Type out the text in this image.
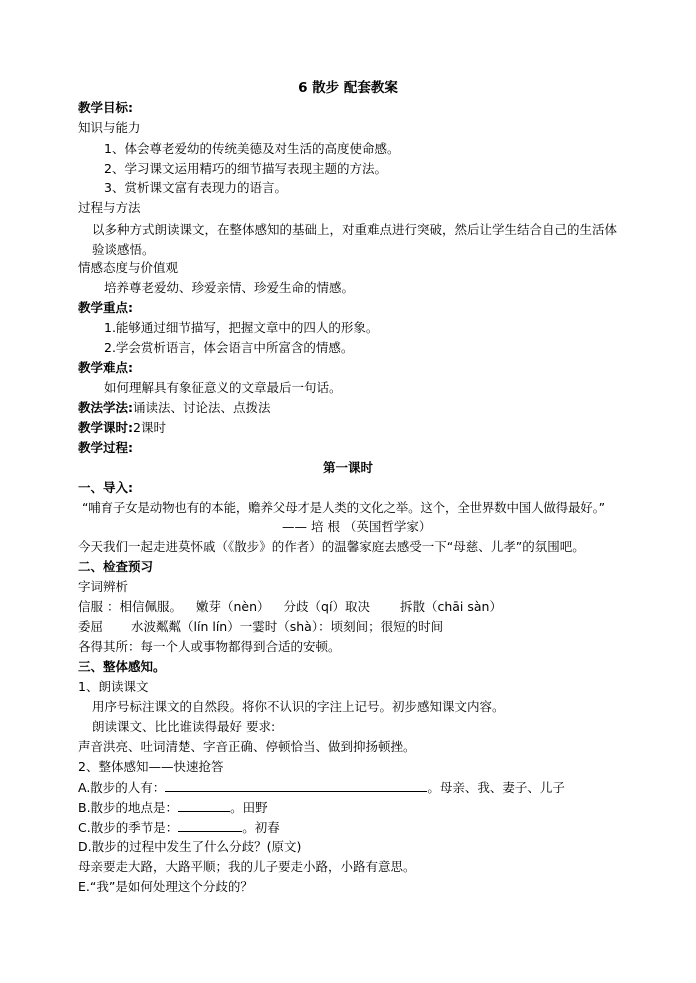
6 散步 配套教案
教学目标:
知识与能力
1、体会尊老爱幼的传统美德及对生活的高度使命感。
2、学习课文运用精巧的细节描写表现主题的方法。
3、赏析课文富有表现力的语言。
过程与方法
以多种方式朗读课文，在整体感知的基础上，对重难点进行突破，然后让学生结合自己的生活体验谈感悟。
情感态度与价值观
培养尊老爱幼、珍爱亲情、珍爱生命的情感。
教学重点:
1.能够通过细节描写，把握文章中的四人的形象。
2.学会赏析语言，体会语言中所富含的情感。
教学难点:
如何理解具有象征意义的文章最后一句话。
教法学法:诵读法、讨论法、点拨法
教学课时:2课时
教学过程:
第一课时
一、导入:
“哺育子女是动物也有的本能，赡养父母才是人类的文化之举。这个，全世界数中国人做得最好。”
—— 培 根 （英国哲学家）
今天我们一起走进莫怀戚（《散步》的作者）的温馨家庭去感受一下“母慈、儿孝”的氛围吧。
二、检查预习
字词辨析
信服 ：相信佩服。 嫩芽（nèn） 分歧（qí）取决 拆散（chāi sàn）
委屈 水波粼粼（lín lín）一霎时（shà）：顷刻间；很短的时间
各得其所：每一个人或事物都得到合适的安顿。
三、整体感知。
1、朗读课文
用序号标注课文的自然段。将你不认识的字注上记号。初步感知课文内容。
朗读课文、比比谁读得最好 要求:
声音洪亮、吐词清楚、字音正确、停顿恰当、做到抑扬顿挫。
2、整体感知——快速抢答
A.散步的人有：	。母亲、我、妻子、儿子
B.散步的地点是：	。田野
C.散步的季节是：	。初春
D.散步的过程中发生了什么分歧？(原文)
母亲要走大路，大路平顺；我的儿子要走小路，小路有意思。
E.“我”是如何处理这个分歧的？
